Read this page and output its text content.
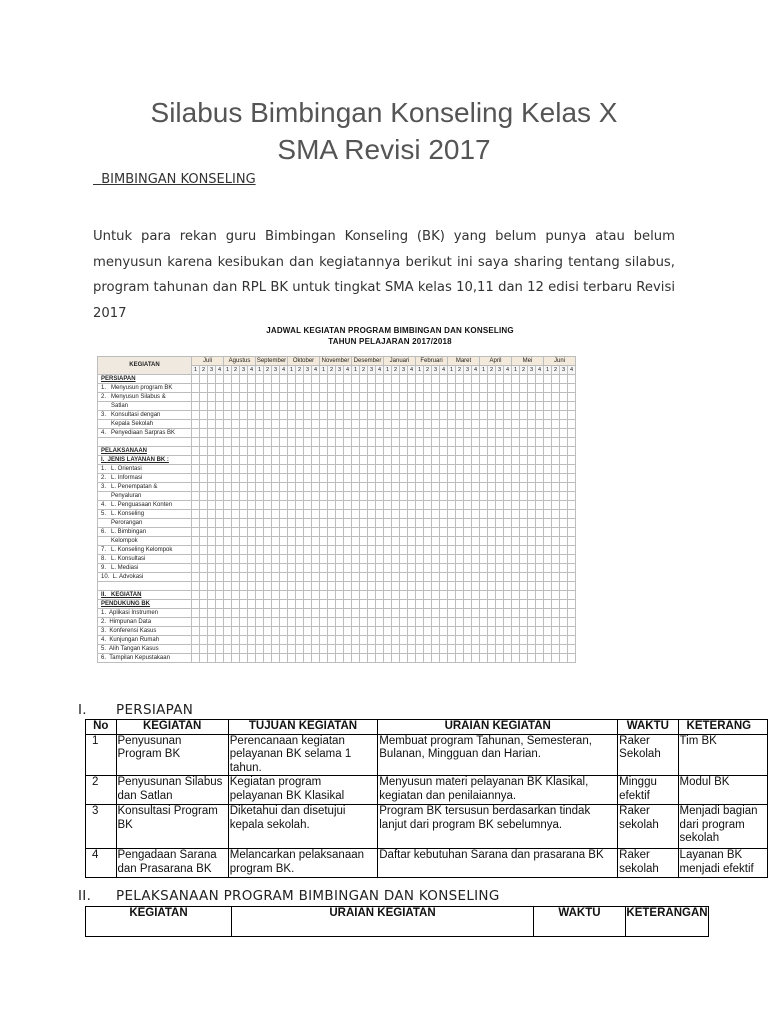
Silabus Bimbingan Konseling Kelas X
SMA Revisi 2017
BIMBINGAN KONSELING
Untuk para rekan guru Bimbingan Konseling (BK) yang belum punya atau belum menyusun karena kesibukan dan kegiatannya berikut ini saya sharing tentang silabus, program tahunan dan RPL BK untuk tingkat SMA kelas 10,11 dan 12 edisi terbaru Revisi 2017
JADWAL KEGIATAN PROGRAM BIMBINGAN DAN KONSELING
TAHUN PELAJARAN 2017/2018
KEGIATAN	Juli				Agustus				September				Oktober				November				Desember				Januari				Februari				Maret				April				Mei				Juni			
	1	2	3	4	1	2	3	4	1	2	3	4	1	2	3	4	1	2	3	4	1	2	3	4	1	2	3	4	1	2	3	4	1	2	3	4	1	2	3	4	1	2	3	4	1	2	3	4
PERSIAPAN																																																
1.   Menyusun program BK																																																
2.   Menyusun Silabus &																																																
Satlan																																																
3.   Konsultasi dengan																																																
Kepala Sekolah																																																
4.   Penyediaan Sarpras BK																																																

PELAKSANAAN																																																
I.  JENIS LAYANAN BK :																																																
1.   L. Orientasi																																																
2.   L. Informasi																																																
3.   L. Penempatan &																																																
Penyaluran																																																
4.   L. Penguasaan Konten																																																
5.   L. Konseling																																																
Perorangan																																																
6.   L. Bimbingan																																																
Kelompok																																																
7.   L. Konseling Kelompok																																																
8.   L. Konsultasi																																																
9.   L. Mediasi																																																
10.  L. Advokasi																																																

II.   KEGIATAN																																																
PENDUKUNG BK																																																
1.  Aplikasi Instrumen																																																
2.  Himpunan Data																																																
3.  Konferensi Kasus																																																
4.  Kunjungan Rumah																																																
5.  Alih Tangan Kasus																																																
6.  Tampilan Kepustakaan																																																
I. PERSIAPAN
No	KEGIATAN	TUJUAN KEGIATAN	URAIAN KEGIATAN	WAKTU	KETERANG
1	Penyusunan Program BK	Perencanaan kegiatan pelayanan BK selama 1 tahun.	Membuat program Tahunan, Semesteran, Bulanan, Mingguan dan Harian.	Raker Sekolah	Tim BK
2	Penyusunan Silabus dan Satlan	Kegiatan program pelayanan BK Klasikal	Menyusun materi pelayanan BK Klasikal, kegiatan dan penilaiannya.	Minggu efektif	Modul BK
3	Konsultasi Program BK	Diketahui dan disetujui kepala sekolah.	Program BK tersusun berdasarkan tindak lanjut dari program BK sebelumnya.	Raker sekolah	Menjadi bagian dari program sekolah
4	Pengadaan Sarana dan Prasarana BK	Melancarkan pelaksanaan program BK.	Daftar kebutuhan Sarana dan prasarana BK	Raker sekolah	Layanan BK menjadi efektif
II. PELAKSANAAN PROGRAM BIMBINGAN DAN KONSELING
KEGIATAN	URAIAN KEGIATAN	WAKTU	KETERANGAN
